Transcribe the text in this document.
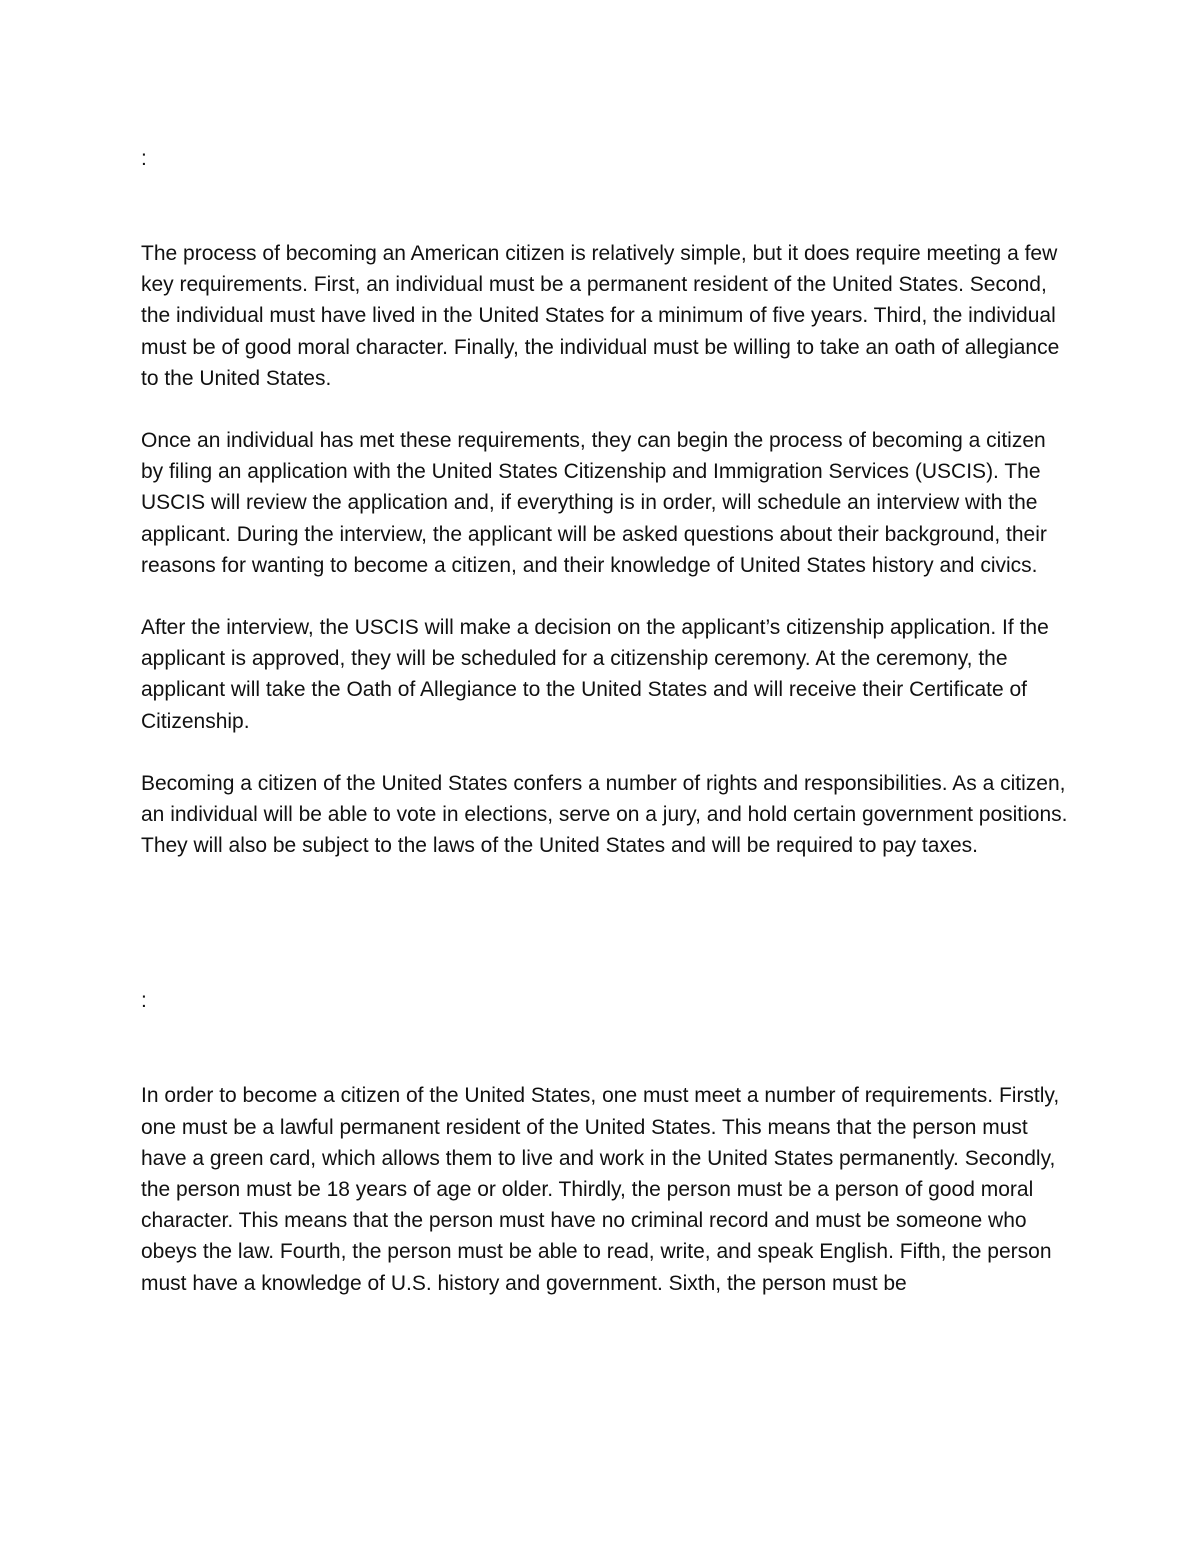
:

The process of becoming an American citizen is relatively simple, but it does require meeting a few key requirements. First, an individual must be a permanent resident of the United States. Second, the individual must have lived in the United States for a minimum of five years. Third, the individual must be of good moral character. Finally, the individual must be willing to take an oath of allegiance to the United States.

Once an individual has met these requirements, they can begin the process of becoming a citizen by filing an application with the United States Citizenship and Immigration Services (USCIS). The USCIS will review the application and, if everything is in order, will schedule an interview with the applicant. During the interview, the applicant will be asked questions about their background, their reasons for wanting to become a citizen, and their knowledge of United States history and civics.

After the interview, the USCIS will make a decision on the applicant’s citizenship application. If the applicant is approved, they will be scheduled for a citizenship ceremony. At the ceremony, the applicant will take the Oath of Allegiance to the United States and will receive their Certificate of Citizenship.

Becoming a citizen of the United States confers a number of rights and responsibilities. As a citizen, an individual will be able to vote in elections, serve on a jury, and hold certain government positions. They will also be subject to the laws of the United States and will be required to pay taxes.

:

In order to become a citizen of the United States, one must meet a number of requirements. Firstly, one must be a lawful permanent resident of the United States. This means that the person must have a green card, which allows them to live and work in the United States permanently. Secondly, the person must be 18 years of age or older. Thirdly, the person must be a person of good moral character. This means that the person must have no criminal record and must be someone who obeys the law. Fourth, the person must be able to read, write, and speak English. Fifth, the person must have a knowledge of U.S. history and government. Sixth, the person must be
